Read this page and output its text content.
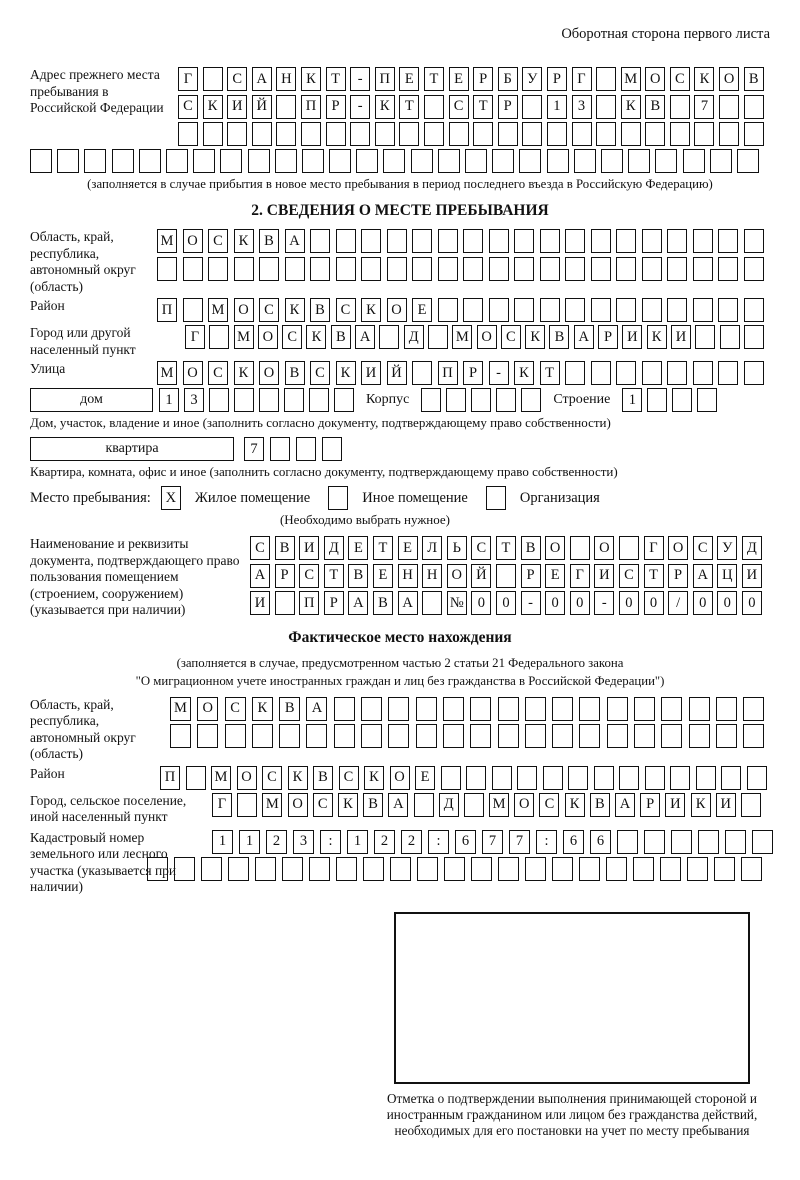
Оборотная сторона первого листа
Адрес прежнего места пребывания в Российской Федерации
Г	С	А Н	К	Т	-	П	Е	Т	Е	Р	Б	У	Р	Г	М О	С	К	О	В
С	К	И Й	П	Р	-	К	Т	С	Т	Р	1	3	К	В	7
(заполняется в случае прибытия в новое место пребывания в период последнего въезда в Российскую Федерацию)
2. СВЕДЕНИЯ О МЕСТЕ ПРЕБЫВАНИЯ
Область, край, республика, автономный округ (область)
М О	С	К	В	А
Район	П	М О	С	К	В	С	К	О	Е
Город или другой населенный пункт
Г	М О С	К	В А	Д	М О С	К	В А	Р	И К И
Улица	М О	С	К	О	В	С	К	И	Й	П	Р	-	К	Т
дом	1	3	Корпус	Строение	1
Дом, участок, владение и иное (заполнить согласно документу, подтверждающему право собственности)
квартира	7
Квартира, комната, офис и иное (заполнить согласно документу, подтверждающему право собственности)
Место пребывания:	X	Жилое помещение	Иное помещение	Организация
(Необходимо выбрать нужное)
Наименование и реквизиты документа, подтверждающего право пользования помещением (строением, сооружением) (указывается при наличии)
С	В	И Д	Е	Т	Е	Л	Ь	С	Т	В	О	О	Г	О	С	У	Д
А	Р	С	Т	В	Е	Н Н О Й	Р	Е	Г	И	С	Т	Р	А Ц И
И	П	Р	А	В	А	№ 0	0	-	0	0	-	0	0	/	0	0	0
Фактическое место нахождения
(заполняется в случае, предусмотренном частью 2 статьи 21 Федерального закона
"О миграционном учете иностранных граждан и лиц без гражданства в Российской Федерации")
Область, край, республика, автономный округ (область)
М	О	С	К	В	А
Район	П	М О	С	К	В	С	К	О	Е
Город, сельское поселение, иной населенный пункт
Г	М О	С	К	В	А	Д	М О	С	К	В	А	Р	И	К	И
Кадастровый номер земельного или лесного участка (указывается при наличии)
1	1	2	3	:	1	2	2	:	6	7	7	:	6	6
Отметка о подтверждении выполнения принимающей стороной и иностранным гражданином или лицом без гражданства действий, необходимых для его постановки на учет по месту пребывания
